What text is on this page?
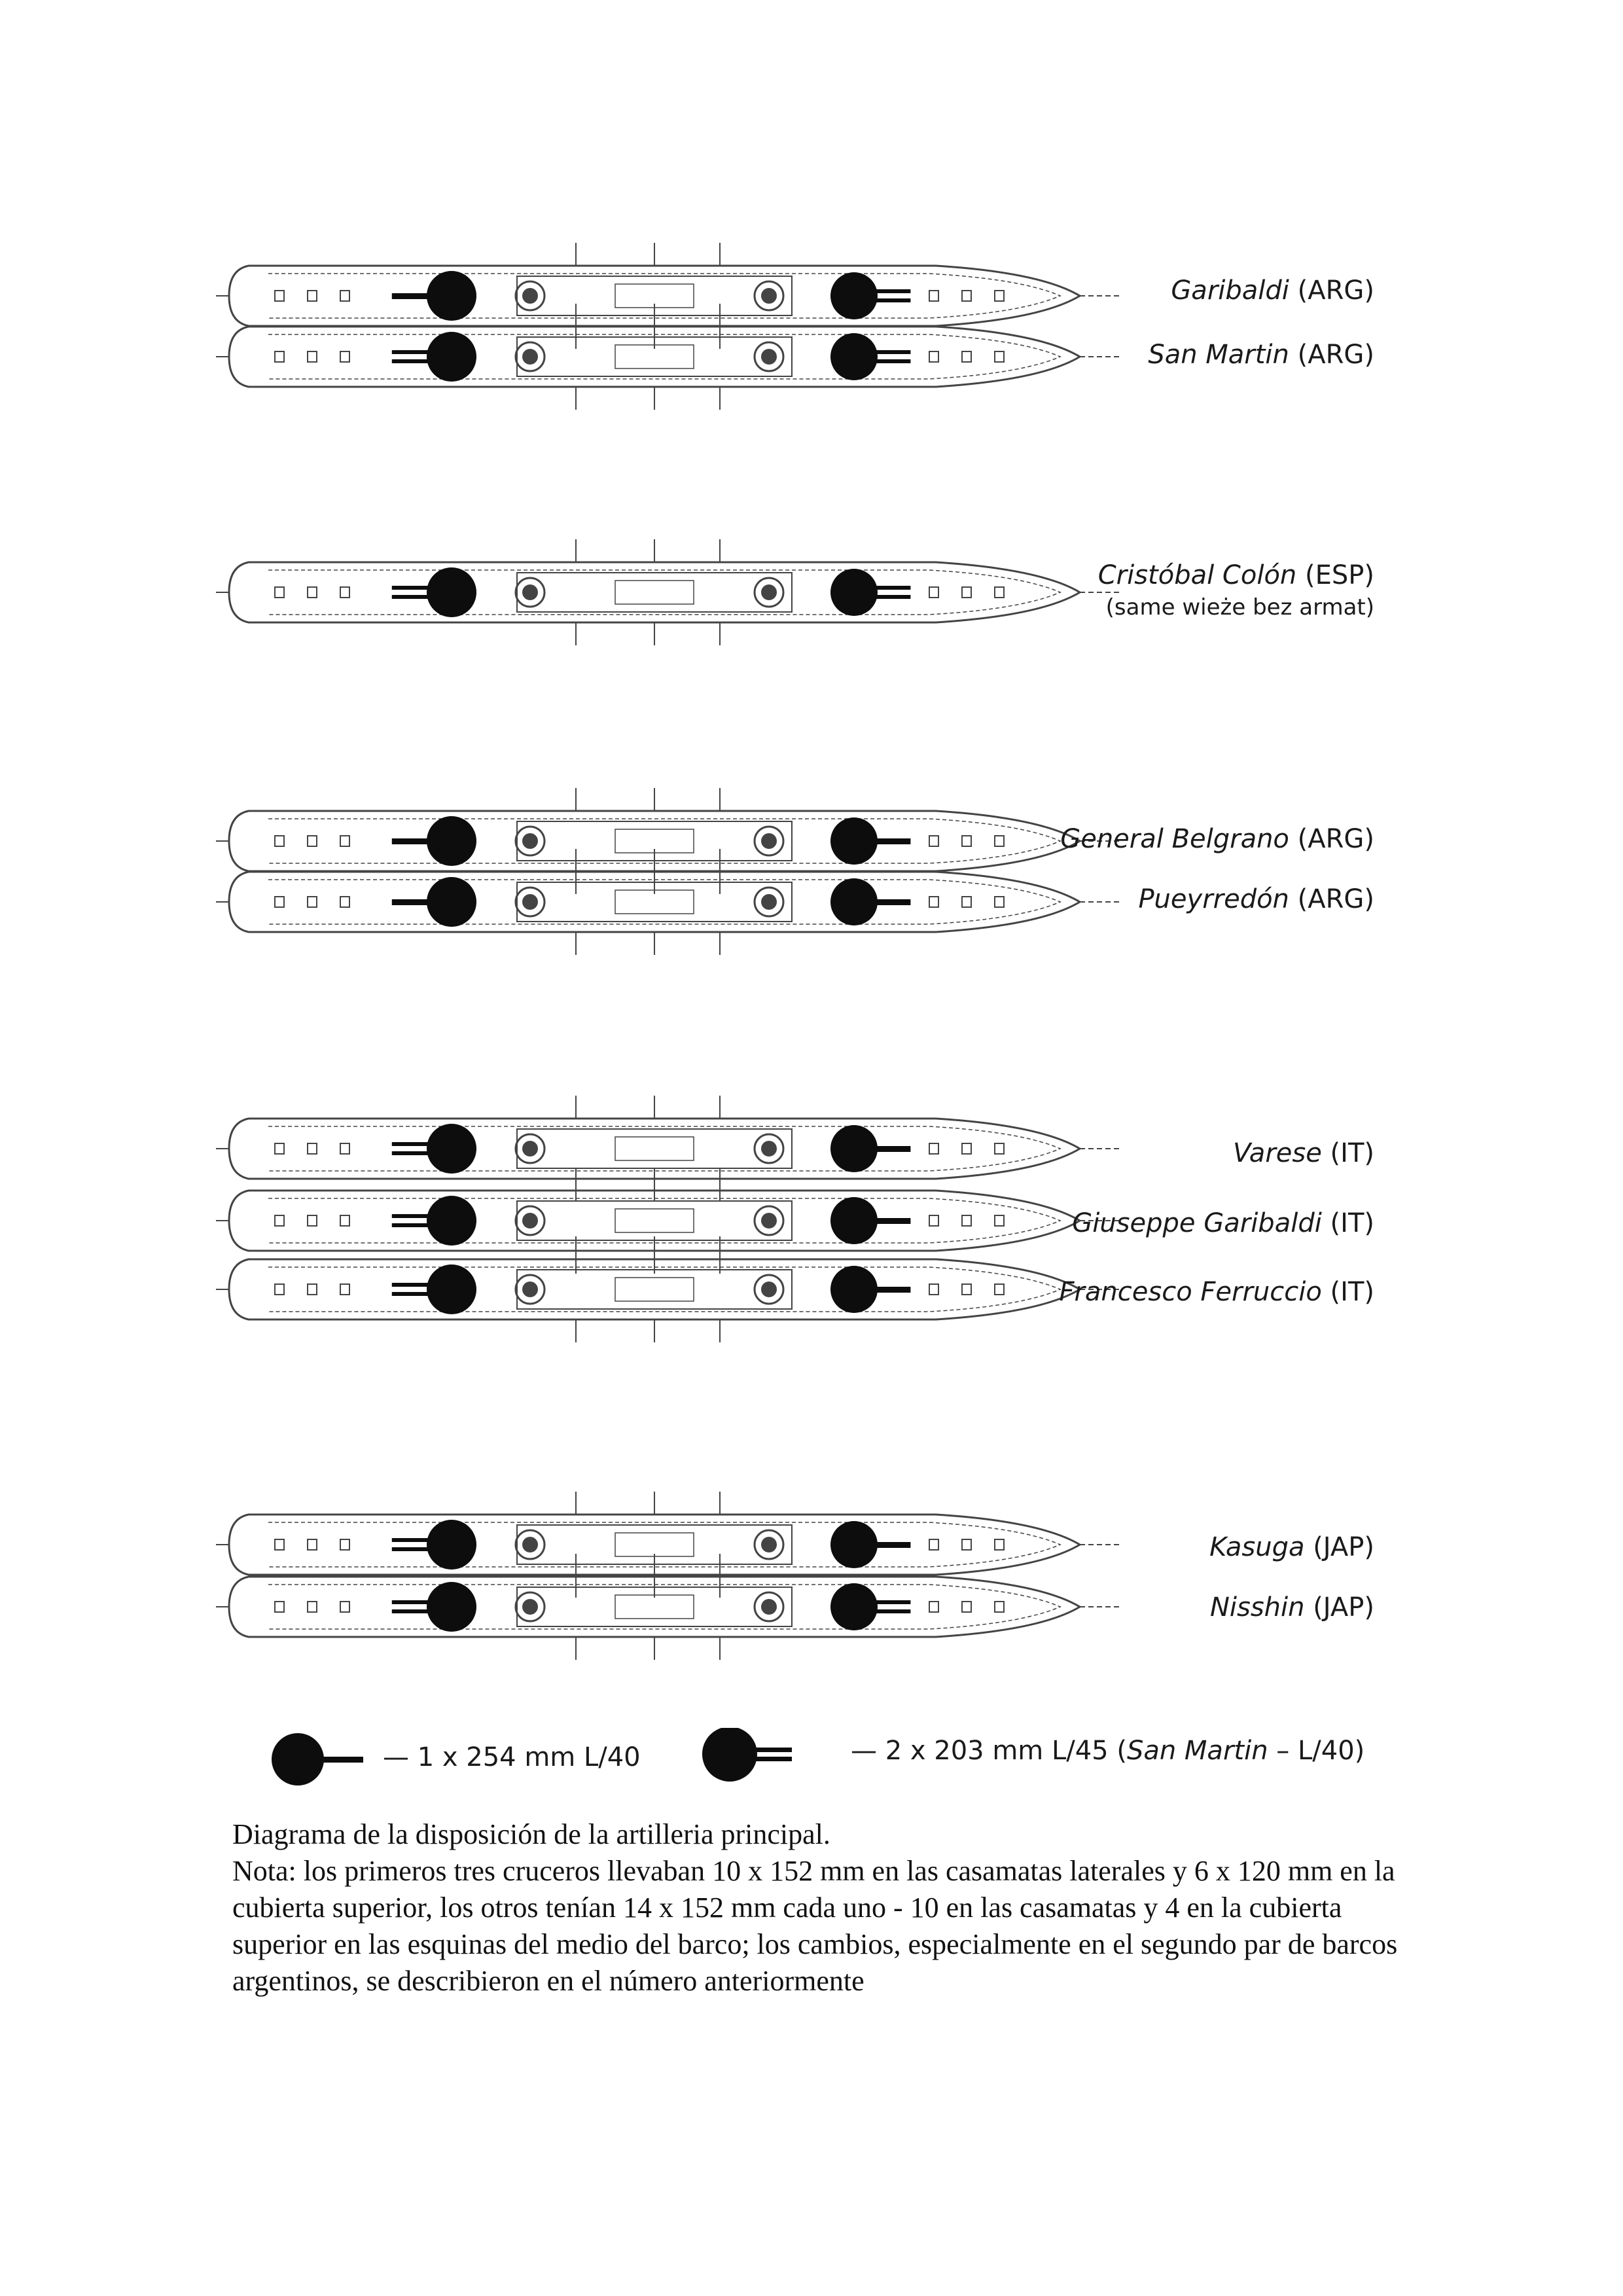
Garibaldi (ARG)
San Martin (ARG)
Cristóbal Colón (ESP)
(same wieże bez armat)
General Belgrano (ARG)
Pueyrredón (ARG)
Varese (IT)
Giuseppe Garibaldi (IT)
Francesco Ferruccio (IT)
Kasuga (JAP)
Nisshin (JAP)
— 1 x 254 mm L/40	— 2 x 203 mm L/45 (San Martin – L/40)

Diagrama de la disposición de la artilleria principal.

Nota: los primeros tres cruceros llevaban 10 x 152 mm en las casamatas laterales y 6 x 120 mm en la cubierta superior, los otros tenían 14 x 152 mm cada uno - 10 en las casamatas y 4 en la cubierta superior en las esquinas del medio del barco; los cambios, especialmente en el segundo par de barcos argentinos, se describieron en el número anteriormente
